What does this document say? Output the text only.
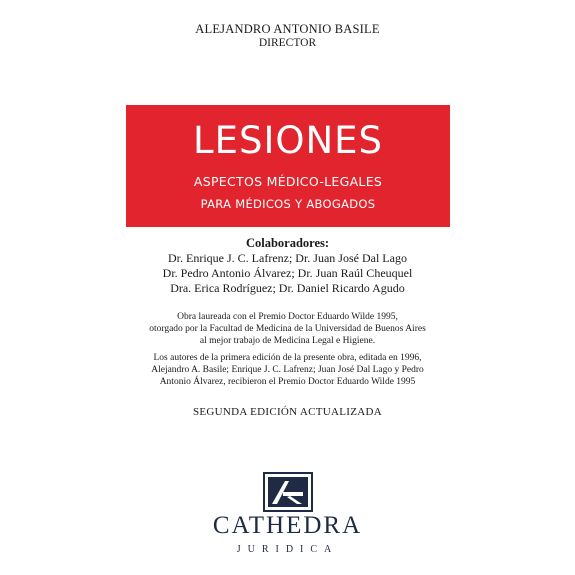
ALEJANDRO ANTONIO BASILE
DIRECTOR
LESIONES
ASPECTOS MÉDICO-LEGALES
PARA MÉDICOS Y ABOGADOS
Colaboradores:
Dr. Enrique J. C. Lafrenz; Dr. Juan José Dal Lago
Dr. Pedro Antonio Álvarez; Dr. Juan Raúl Cheuquel
Dra. Erica Rodríguez; Dr. Daniel Ricardo Agudo
Obra laureada con el Premio Doctor Eduardo Wilde 1995,
otorgado por la Facultad de Medicina de la Universidad de Buenos Aires
al mejor trabajo de Medicina Legal e Higiene.
Los autores de la primera edición de la presente obra, editada en 1996,
Alejandro A. Basile; Enrique J. C. Lafrenz; Juan José Dal Lago y Pedro
Antonio Álvarez, recibieron el Premio Doctor Eduardo Wilde 1995
SEGUNDA EDICIÓN ACTUALIZADA
CATHEDRA
JURIDICA
